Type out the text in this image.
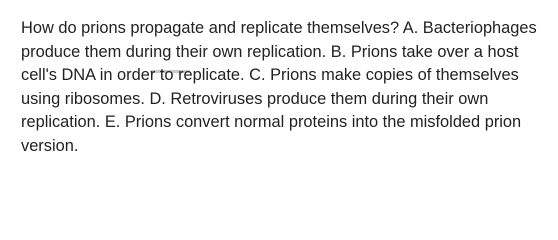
How do prions propagate and replicate themselves? A. Bacteriophages produce them during their own replication. B. Prions take over a host cell's DNA in order to replicate. C. Prions make copies of themselves using ribosomes. D. Retroviruses produce them during their own replication. E. Prions convert normal proteins into the misfolded prion version.
